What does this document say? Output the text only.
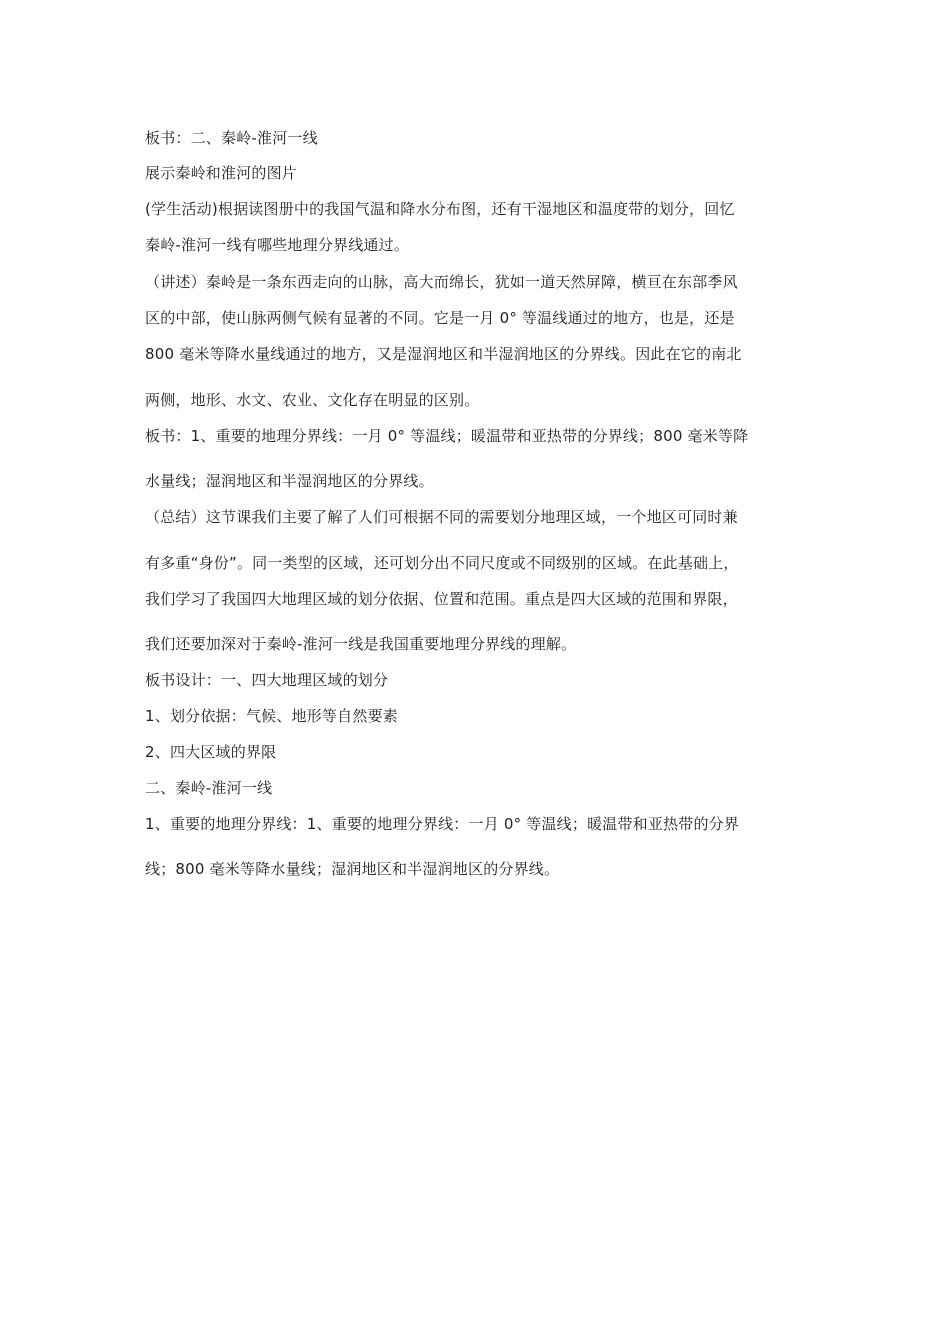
板书：二、秦岭-淮河一线
展示秦岭和淮河的图片
(学生活动)根据读图册中的我国气温和降水分布图，还有干湿地区和温度带的划分，回忆
秦岭-淮河一线有哪些地理分界线通过。
（讲述）秦岭是一条东西走向的山脉，高大而绵长，犹如一道天然屏障，横亘在东部季风
区的中部，使山脉两侧气候有显著的不同。它是一月 0° 等温线通过的地方，也是，还是
800 毫米等降水量线通过的地方，又是湿润地区和半湿润地区的分界线。因此在它的南北
两侧，地形、水文、农业、文化存在明显的区别。
板书：1、重要的地理分界线：一月 0° 等温线；暖温带和亚热带的分界线；800 毫米等降
水量线；湿润地区和半湿润地区的分界线。
（总结）这节课我们主要了解了人们可根据不同的需要划分地理区域，一个地区可同时兼
有多重“身份”。同一类型的区域，还可划分出不同尺度或不同级别的区域。在此基础上，
我们学习了我国四大地理区域的划分依据、位置和范围。重点是四大区域的范围和界限，
我们还要加深对于秦岭-淮河一线是我国重要地理分界线的理解。
板书设计：一、四大地理区域的划分
1、划分依据：气候、地形等自然要素
2、四大区域的界限
二、秦岭-淮河一线
1、重要的地理分界线：1、重要的地理分界线：一月 0° 等温线；暖温带和亚热带的分界
线；800 毫米等降水量线；湿润地区和半湿润地区的分界线。
